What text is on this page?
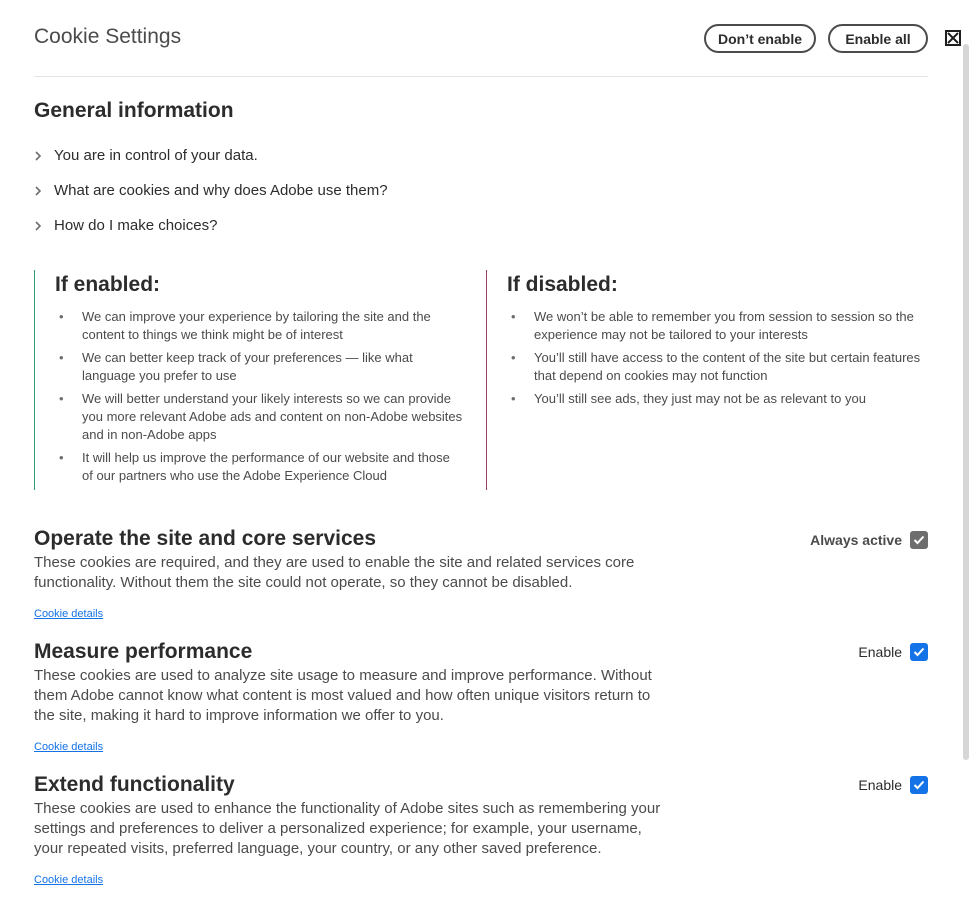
Cookie Settings	Don’t enable	Enable all
General information
You are in control of your data.
What are cookies and why does Adobe use them?
How do I make choices?
If enabled:
• We can improve your experience by tailoring the site and the content to things we think might be of interest
• We can better keep track of your preferences — like what language you prefer to use
• We will better understand your likely interests so we can provide you more relevant Adobe ads and content on non-Adobe websites and in non-Adobe apps
• It will help us improve the performance of our website and those of our partners who use the Adobe Experience Cloud
If disabled:
• We won’t be able to remember you from session to session so the experience may not be tailored to your interests
• You’ll still have access to the content of the site but certain features that depend on cookies may not function
• You’ll still see ads, they just may not be as relevant to you
Operate the site and core services

These cookies are required, and they are used to enable the site and related services core functionality. Without them the site could not operate, so they cannot be disabled.

Cookie details
Always active
Measure performance

These cookies are used to analyze site usage to measure and improve performance. Without them Adobe cannot know what content is most valued and how often unique visitors return to the site, making it hard to improve information we offer to you.

Cookie details
Enable
Extend functionality

These cookies are used to enhance the functionality of Adobe sites such as remembering your settings and preferences to deliver a personalized experience; for example, your username, your repeated visits, preferred language, your country, or any other saved preference.

Cookie details
Enable
